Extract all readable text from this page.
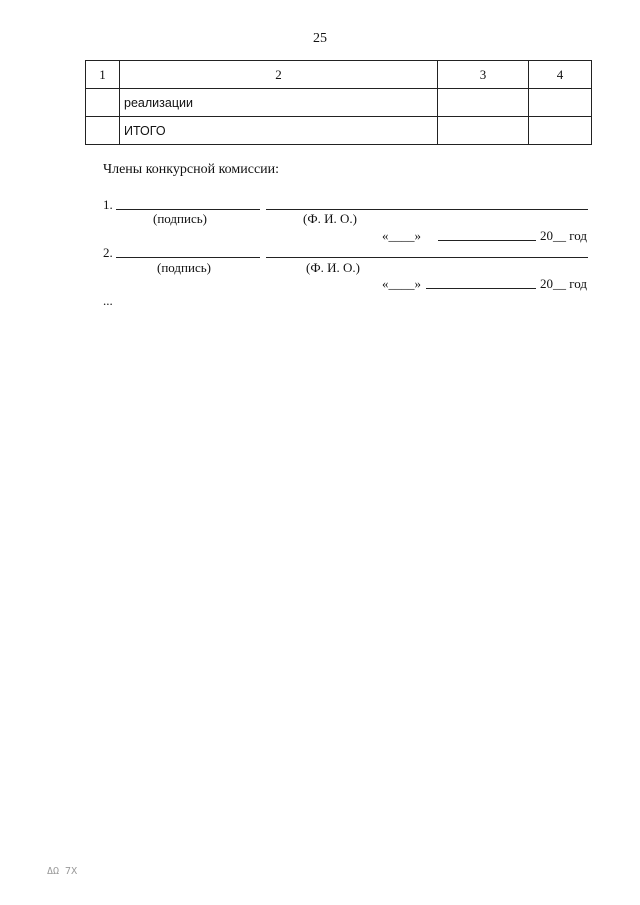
25
1	2	3	4
	реализации		
	ИТОГО		
Члены конкурсной комиссии:
1.
(подпись)	(Ф. И. О.)
«____»	20__ год
2.
(подпись)	(Ф. И. О.)
«____»	20__ год
...
ΔΩ 7Χ
